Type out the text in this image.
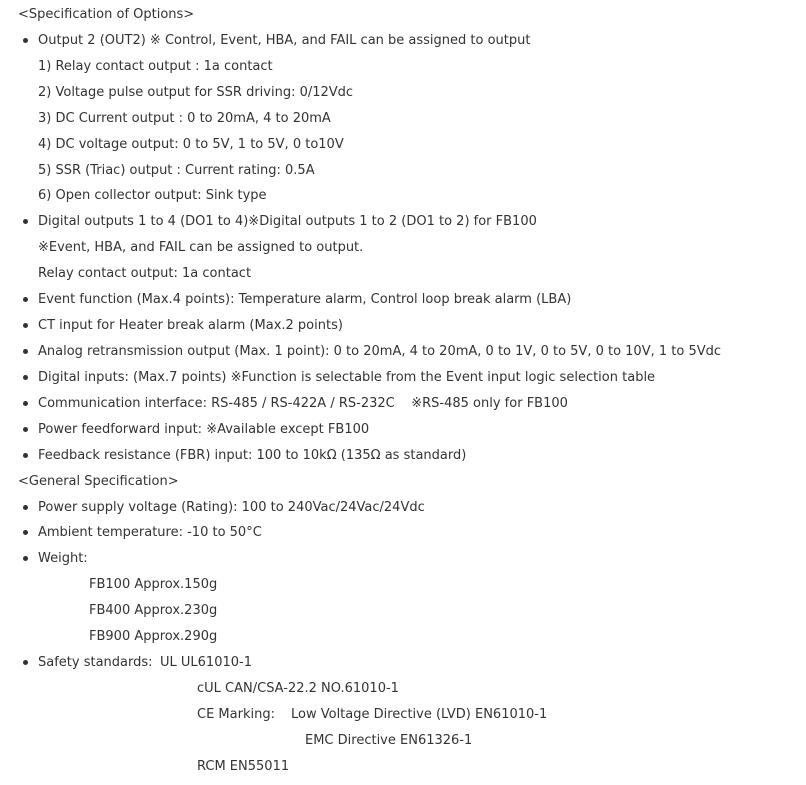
<Specification of Options>
Output 2 (OUT2) ※ Control, Event, HBA, and FAIL can be assigned to output
1) Relay contact output : 1a contact
2) Voltage pulse output for SSR driving: 0/12Vdc
3) DC Current output : 0 to 20mA, 4 to 20mA
4) DC voltage output: 0 to 5V, 1 to 5V, 0 to10V
5) SSR (Triac) output : Current rating: 0.5A
6) Open collector output: Sink type
Digital outputs 1 to 4 (DO1 to 4)※Digital outputs 1 to 2 (DO1 to 2) for FB100
※Event, HBA, and FAIL can be assigned to output.
Relay contact output: 1a contact
Event function (Max.4 points): Temperature alarm, Control loop break alarm (LBA)
CT input for Heater break alarm (Max.2 points)
Analog retransmission output (Max. 1 point): 0 to 20mA, 4 to 20mA, 0 to 1V, 0 to 5V, 0 to 10V, 1 to 5Vdc
Digital inputs: (Max.7 points) ※Function is selectable from the Event input logic selection table
Communication interface: RS-485 / RS-422A / RS-232C    ※RS-485 only for FB100
Power feedforward input: ※Available except FB100
Feedback resistance (FBR) input: 100 to 10kΩ (135Ω as standard)
<General Specification>
Power supply voltage (Rating): 100 to 240Vac/24Vac/24Vdc
Ambient temperature: -10 to 50°C
Weight:
FB100 Approx.150g
FB400 Approx.230g
FB900 Approx.290g
Safety standards: UL UL61010-1
cUL CAN/CSA-22.2 NO.61010-1
CE Marking: Low Voltage Directive (LVD) EN61010-1
EMC Directive EN61326-1
RCM EN55011
